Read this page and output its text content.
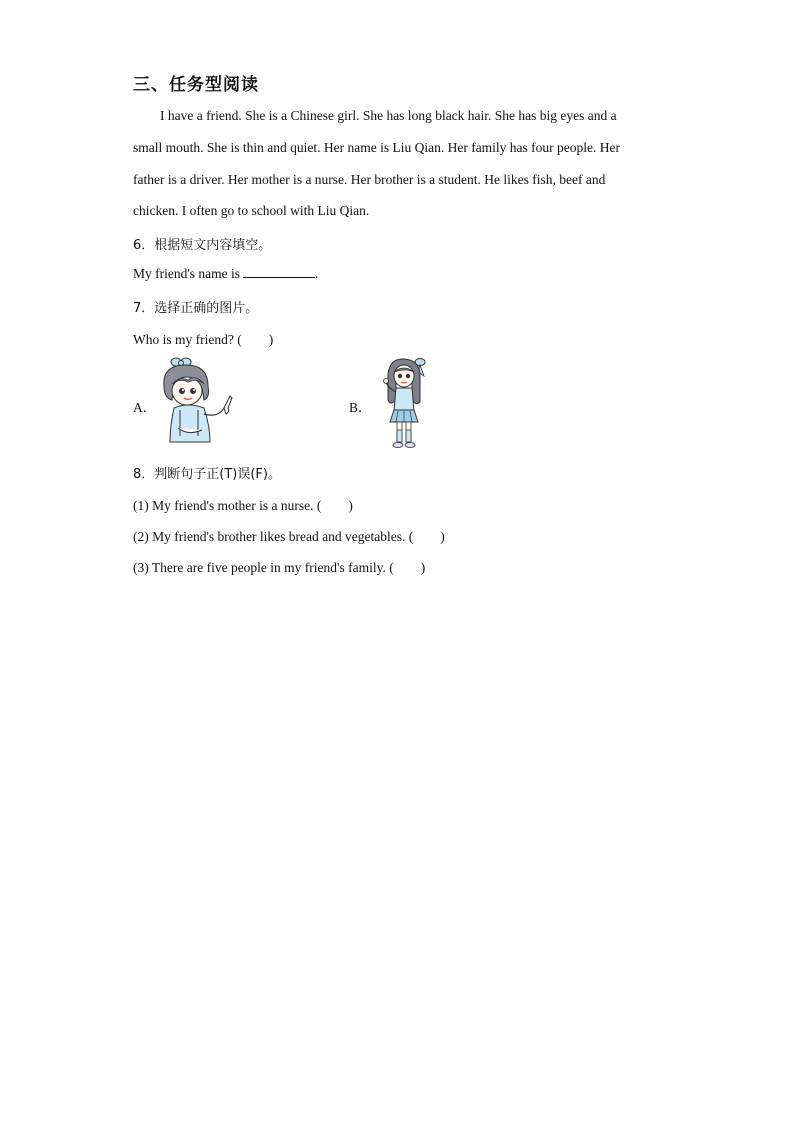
三、任务型阅读
I have a friend. She is a Chinese girl. She has long black hair. She has big eyes and a
small mouth. She is thin and quiet. Her name is Liu Qian. Her family has four people. Her
father is a driver. Her mother is a nurse. Her brother is a student. He likes fish, beef and
chicken. I often go to school with Liu Qian.
6．根据短文内容填空。
My friend's name is	.
7．选择正确的图片。
Who is my friend? (　　)
A．	B．
8．判断句子正(T)误(F)。
(1) My friend's mother is a nurse. (　　)
(2) My friend's brother likes bread and vegetables. (　　)
(3) There are five people in my friend's family. (　　)
